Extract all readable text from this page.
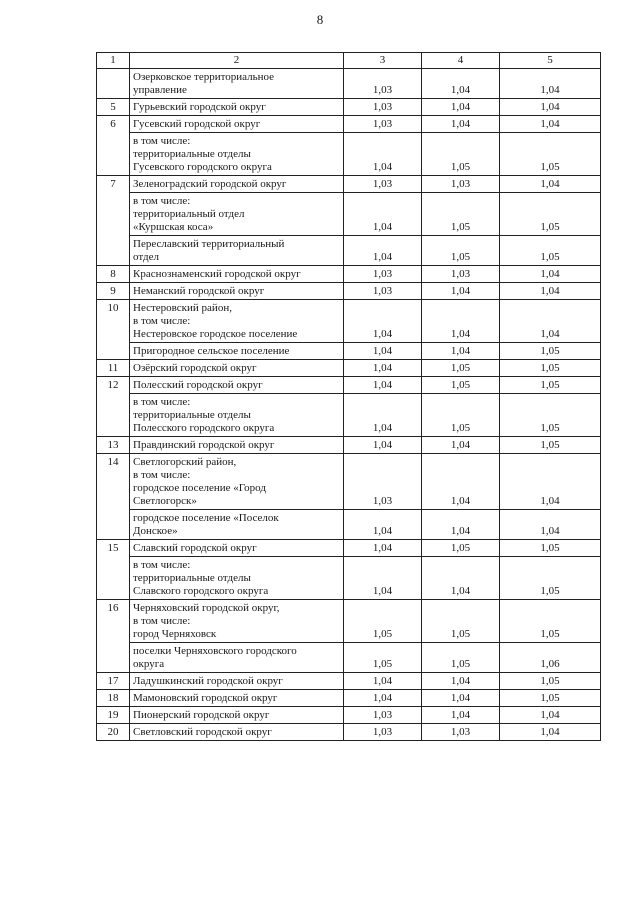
8
1	2	3	4	5
	Озерковское территориальное
управление	1,03	1,04	1,04
5	Гурьевский городской округ	1,03	1,04	1,04
6	Гусевский городской округ	1,03	1,04	1,04
	в том числе:
территориальные отделы
Гусевского городского округа	1,04	1,05	1,05
7	Зеленоградский городской округ	1,03	1,03	1,04
	в том числе:
территориальный отдел
«Куршская коса»	1,04	1,05	1,05
	Переславский территориальный
отдел	1,04	1,05	1,05
8	Краснознаменский городской округ	1,03	1,03	1,04
9	Неманский городской округ	1,03	1,04	1,04
10	Нестеровский район,
в том числе:
Нестеровское городское поселение	1,04	1,04	1,04
	Пригородное сельское поселение	1,04	1,04	1,05
11	Озёрский городской округ	1,04	1,05	1,05
12	Полесский городской округ	1,04	1,05	1,05
	в том числе:
территориальные отделы
Полесского городского округа	1,04	1,05	1,05
13	Правдинский городской округ	1,04	1,04	1,05
14	Светлогорский район,
в том числе:
городское поселение «Город
Светлогорск»	1,03	1,04	1,04
	городское поселение «Поселок
Донское»	1,04	1,04	1,04
15	Славский городской округ	1,04	1,05	1,05
	в том числе:
территориальные отделы
Славского городского округа	1,04	1,04	1,05
16	Черняховский городской округ,
в том числе:
город Черняховск	1,05	1,05	1,05
	поселки Черняховского городского
округа	1,05	1,05	1,06
17	Ладушкинский городской округ	1,04	1,04	1,05
18	Мамоновский городской округ	1,04	1,04	1,05
19	Пионерский городской округ	1,03	1,04	1,04
20	Светловский городской округ	1,03	1,03	1,04
